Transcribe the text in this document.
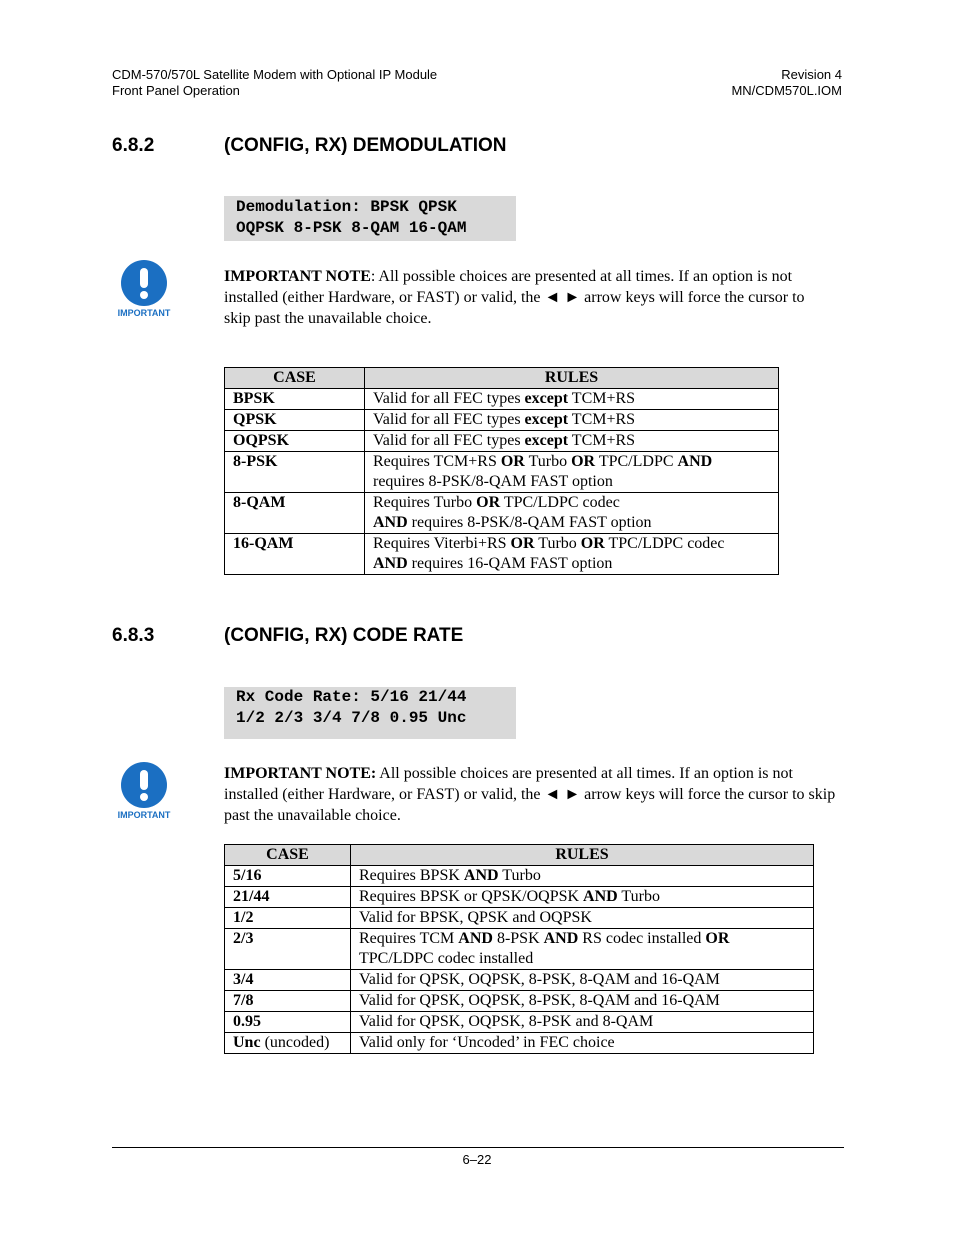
CDM-570/570L Satellite Modem with Optional IP Module
Front Panel Operation
Revision 4
MN/CDM570L.IOM
6.8.2	(CONFIG, RX) DEMODULATION
Demodulation: BPSK QPSK
OQPSK 8-PSK 8-QAM 16-QAM
IMPORTANT
IMPORTANT NOTE: All possible choices are presented at all times. If an option is not installed (either Hardware, or FAST) or valid, the ◄ ► arrow keys will force the cursor to skip past the unavailable choice.
CASE	RULES
BPSK	Valid for all FEC types except TCM+RS
QPSK	Valid for all FEC types except TCM+RS
OQPSK	Valid for all FEC types except TCM+RS
8-PSK	Requires TCM+RS OR Turbo OR TPC/LDPC AND
requires 8-PSK/8-QAM FAST option
8-QAM	Requires Turbo OR TPC/LDPC codec
AND requires 8-PSK/8-QAM FAST option
16-QAM	Requires Viterbi+RS OR Turbo OR TPC/LDPC codec
AND requires 16-QAM FAST option
6.8.3	(CONFIG, RX) CODE RATE
Rx Code Rate: 5/16 21/44
1/2 2/3 3/4 7/8 0.95 Unc
IMPORTANT
IMPORTANT NOTE: All possible choices are presented at all times. If an option is not installed (either Hardware, or FAST) or valid, the ◄ ► arrow keys will force the cursor to skip past the unavailable choice.
CASE	RULES
5/16	Requires BPSK AND Turbo
21/44	Requires BPSK or QPSK/OQPSK AND Turbo
1/2	Valid for BPSK, QPSK and OQPSK
2/3	Requires TCM AND 8-PSK AND RS codec installed OR
TPC/LDPC codec installed
3/4	Valid for QPSK, OQPSK, 8-PSK, 8-QAM and 16-QAM
7/8	Valid for QPSK, OQPSK, 8-PSK, 8-QAM and 16-QAM
0.95	Valid for QPSK, OQPSK, 8-PSK and 8-QAM
Unc (uncoded)	Valid only for ‘Uncoded’ in FEC choice
6–22
